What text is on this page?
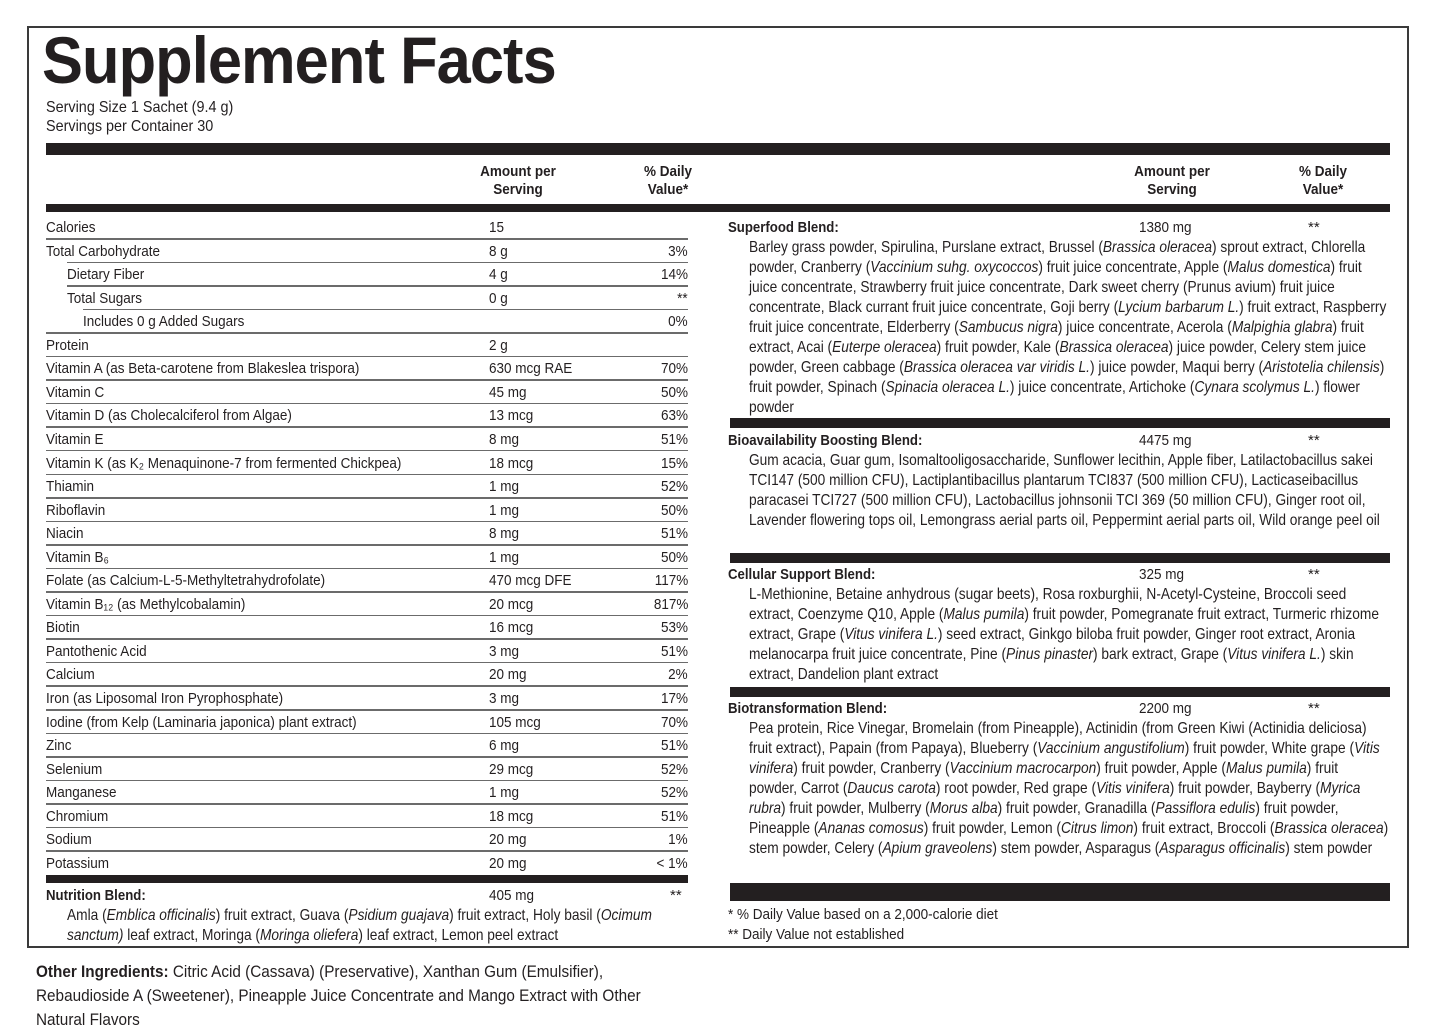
Supplement Facts
Serving Size 1 Sachet (9.4 g)
Servings per Container 30
Amount per
Serving
% Daily
Value*
Amount per
Serving
% Daily
Value*
Calories	15
Total Carbohydrate	8 g	3%
Dietary Fiber	4 g	14%
Total Sugars	0 g	**
Includes 0 g Added Sugars	0%
Protein	2 g
Vitamin A (as Beta-carotene from Blakeslea trispora)	630 mcg RAE	70%
Vitamin C	45 mg	50%
Vitamin D (as Cholecalciferol from Algae)	13 mcg	63%
Vitamin E	8 mg	51%
Vitamin K (as K₂ Menaquinone-7 from fermented Chickpea)	18 mcg	15%
Thiamin	1 mg	52%
Riboflavin	1 mg	50%
Niacin	8 mg	51%
Vitamin B₆	1 mg	50%
Folate (as Calcium-L-5-Methyltetrahydrofolate)	470 mcg DFE	117%
Vitamin B₁₂ (as Methylcobalamin)	20 mcg	817%
Biotin	16 mcg	53%
Pantothenic Acid	3 mg	51%
Calcium	20 mg	2%
Iron (as Liposomal Iron Pyrophosphate)	3 mg	17%
Iodine (from Kelp (Laminaria japonica) plant extract)	105 mcg	70%
Zinc	6 mg	51%
Selenium	29 mcg	52%
Manganese	1 mg	52%
Chromium	18 mcg	51%
Sodium	20 mg	1%
Potassium	20 mg	< 1%
Nutrition Blend:	405 mg	**
Amla (Emblica officinalis) fruit extract, Guava (Psidium guajava) fruit extract, Holy basil (Ocimum sanctum) leaf extract, Moringa (Moringa oliefera) leaf extract, Lemon peel extract
Superfood Blend:	1380 mg	**
Barley grass powder, Spirulina, Purslane extract, Brussel (Brassica oleracea) sprout extract, Chlorella powder, Cranberry (Vaccinium suhg. oxycoccos) fruit juice concentrate, Apple (Malus domestica) fruit juice concentrate, Strawberry fruit juice concentrate, Dark sweet cherry (Prunus avium) fruit juice concentrate, Black currant fruit juice concentrate, Goji berry (Lycium barbarum L.) fruit extract, Raspberry fruit juice concentrate, Elderberry (Sambucus nigra) juice concentrate, Acerola (Malpighia glabra) fruit extract, Acai (Euterpe oleracea) fruit powder, Kale (Brassica oleracea) juice powder, Celery stem juice powder, Green cabbage (Brassica oleracea var viridis L.) juice powder, Maqui berry (Aristotelia chilensis) fruit powder, Spinach (Spinacia oleracea L.) juice concentrate, Artichoke (Cynara scolymus L.) flower powder
Bioavailability Boosting Blend:	4475 mg	**
Gum acacia, Guar gum, Isomaltooligosaccharide, Sunflower lecithin, Apple fiber, Latilactobacillus sakei TCI147 (500 million CFU), Lactiplantibacillus plantarum TCI837 (500 million CFU), Lacticaseibacillus paracasei TCI727 (500 million CFU), Lactobacillus johnsonii TCI 369 (50 million CFU), Ginger root oil, Lavender flowering tops oil, Lemongrass aerial parts oil, Peppermint aerial parts oil, Wild orange peel oil
Cellular Support Blend:	325 mg	**
L-Methionine, Betaine anhydrous (sugar beets), Rosa roxburghii, N-Acetyl-Cysteine, Broccoli seed extract, Coenzyme Q10, Apple (Malus pumila) fruit powder, Pomegranate fruit extract, Turmeric rhizome extract, Grape (Vitus vinifera L.) seed extract, Ginkgo biloba fruit powder, Ginger root extract, Aronia melanocarpa fruit juice concentrate, Pine (Pinus pinaster) bark extract, Grape (Vitus vinifera L.) skin extract, Dandelion plant extract
Biotransformation Blend:	2200 mg	**
Pea protein, Rice Vinegar, Bromelain (from Pineapple), Actinidin (from Green Kiwi (Actinidia deliciosa) fruit extract), Papain (from Papaya), Blueberry (Vaccinium angustifolium) fruit powder, White grape (Vitis vinifera) fruit powder, Cranberry (Vaccinium macrocarpon) fruit powder, Apple (Malus pumila) fruit powder, Carrot (Daucus carota) root powder, Red grape (Vitis vinifera) fruit powder, Bayberry (Myrica rubra) fruit powder, Mulberry (Morus alba) fruit powder, Granadilla (Passiflora edulis) fruit powder, Pineapple (Ananas comosus) fruit powder, Lemon (Citrus limon) fruit extract, Broccoli (Brassica oleracea) stem powder, Celery (Apium graveolens) stem powder, Asparagus (Asparagus officinalis) stem powder
* % Daily Value based on a 2,000-calorie diet
** Daily Value not established
Other Ingredients: Citric Acid (Cassava) (Preservative), Xanthan Gum (Emulsifier), Rebaudioside A (Sweetener), Pineapple Juice Concentrate and Mango Extract with Other Natural Flavors
